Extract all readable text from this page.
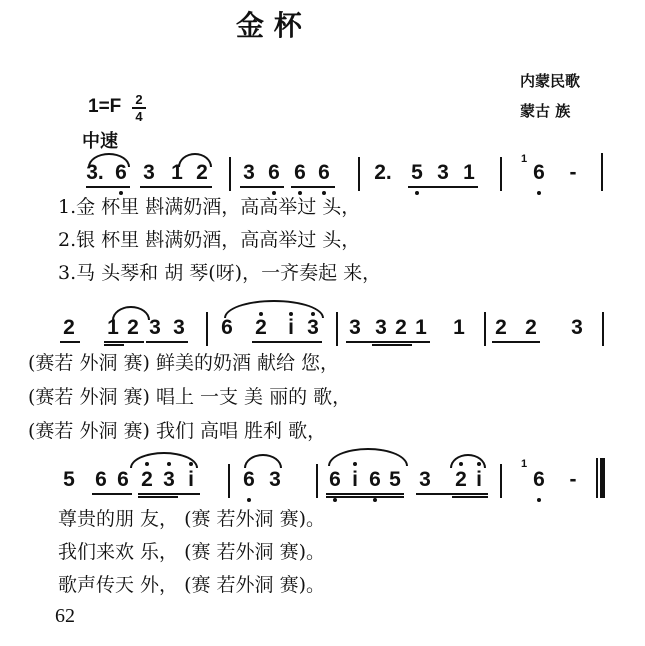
金 杯
内蒙民歌
蒙古 族
1=F 2
4
中速
3. 6 3 1 2 3 6 6 6 2. 5 3 1
1
6 -
1.金 杯里 斟满奶酒，高高举过 头，
2.银 杯里 斟满奶酒，高高举过 头，
3.马 头琴和 胡 琴(呀)，一齐奏起 来，
2 1 2 3 3 6 2 i 3 3 3 2 1 1 2 2 3
(赛若 外洞 赛) 鲜美的奶酒 献给 您，
(赛若 外洞 赛) 唱上 一支 美 丽的 歌，
(赛若 外洞 赛) 我们 高唱 胜利 歌，
5 6 6 2 3 i 6 3 6 i 6 5 3 2 i
1
6 -
尊贵的朋 友， (赛 若外洞 赛)。
我们来欢 乐， (赛 若外洞 赛)。
歌声传天 外， (赛 若外洞 赛)。
62
